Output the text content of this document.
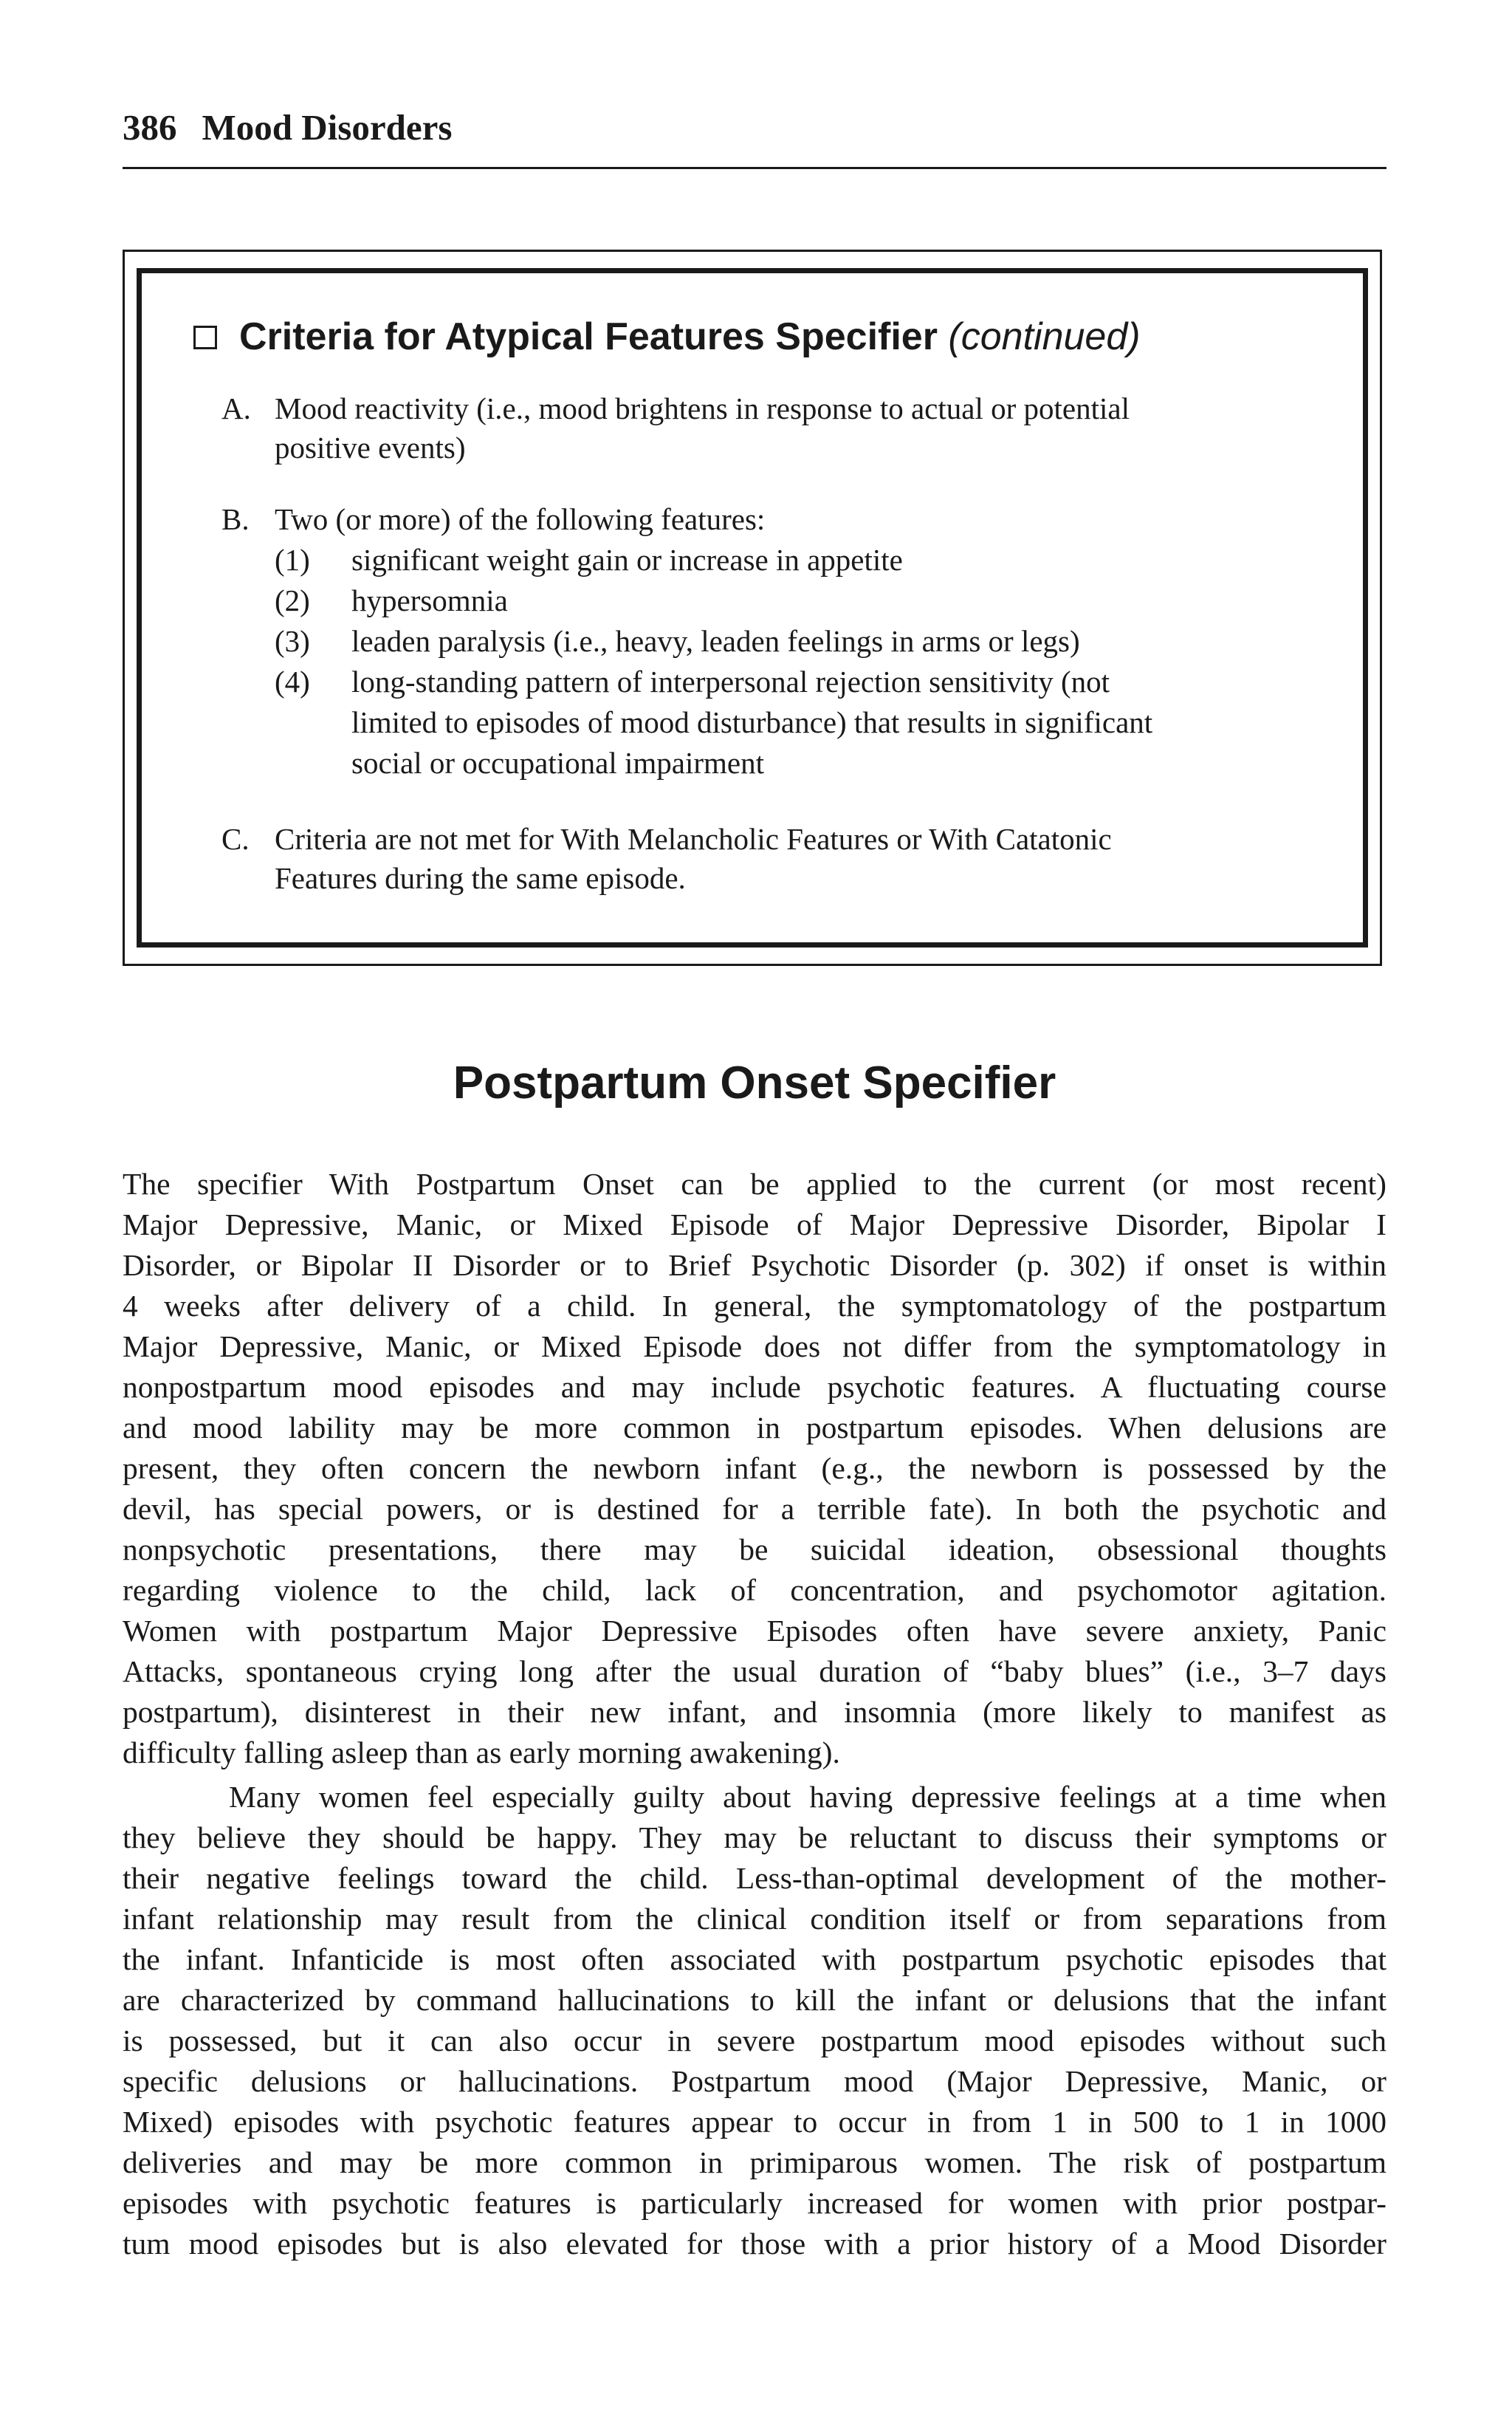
386 Mood Disorders
Criteria for Atypical Features Specifier (continued)
A. Mood reactivity (i.e., mood brightens in response to actual or potential
positive events)
B. Two (or more) of the following features:
(1) significant weight gain or increase in appetite
(2) hypersomnia
(3) leaden paralysis (i.e., heavy, leaden feelings in arms or legs)
(4) long-standing pattern of interpersonal rejection sensitivity (not
limited to episodes of mood disturbance) that results in significant
social or occupational impairment
C. Criteria are not met for With Melancholic Features or With Catatonic
Features during the same episode.
Postpartum Onset Specifier
The specifier With Postpartum Onset can be applied to the current (or most recent)
Major Depressive, Manic, or Mixed Episode of Major Depressive Disorder, Bipolar I
Disorder, or Bipolar II Disorder or to Brief Psychotic Disorder (p. 302) if onset is within
4 weeks after delivery of a child. In general, the symptomatology of the postpartum
Major Depressive, Manic, or Mixed Episode does not differ from the symptomatology in
nonpostpartum mood episodes and may include psychotic features. A fluctuating course
and mood lability may be more common in postpartum episodes. When delusions are
present, they often concern the newborn infant (e.g., the newborn is possessed by the
devil, has special powers, or is destined for a terrible fate). In both the psychotic and
nonpsychotic presentations, there may be suicidal ideation, obsessional thoughts
regarding violence to the child, lack of concentration, and psychomotor agitation.
Women with postpartum Major Depressive Episodes often have severe anxiety, Panic
Attacks, spontaneous crying long after the usual duration of “baby blues” (i.e., 3–7 days
postpartum), disinterest in their new infant, and insomnia (more likely to manifest as
difficulty falling asleep than as early morning awakening).
Many women feel especially guilty about having depressive feelings at a time when
they believe they should be happy. They may be reluctant to discuss their symptoms or
their negative feelings toward the child. Less-than-optimal development of the mother-
infant relationship may result from the clinical condition itself or from separations from
the infant. Infanticide is most often associated with postpartum psychotic episodes that
are characterized by command hallucinations to kill the infant or delusions that the infant
is possessed, but it can also occur in severe postpartum mood episodes without such
specific delusions or hallucinations. Postpartum mood (Major Depressive, Manic, or
Mixed) episodes with psychotic features appear to occur in from 1 in 500 to 1 in 1000
deliveries and may be more common in primiparous women. The risk of postpartum
episodes with psychotic features is particularly increased for women with prior postpar-
tum mood episodes but is also elevated for those with a prior history of a Mood Disorder
